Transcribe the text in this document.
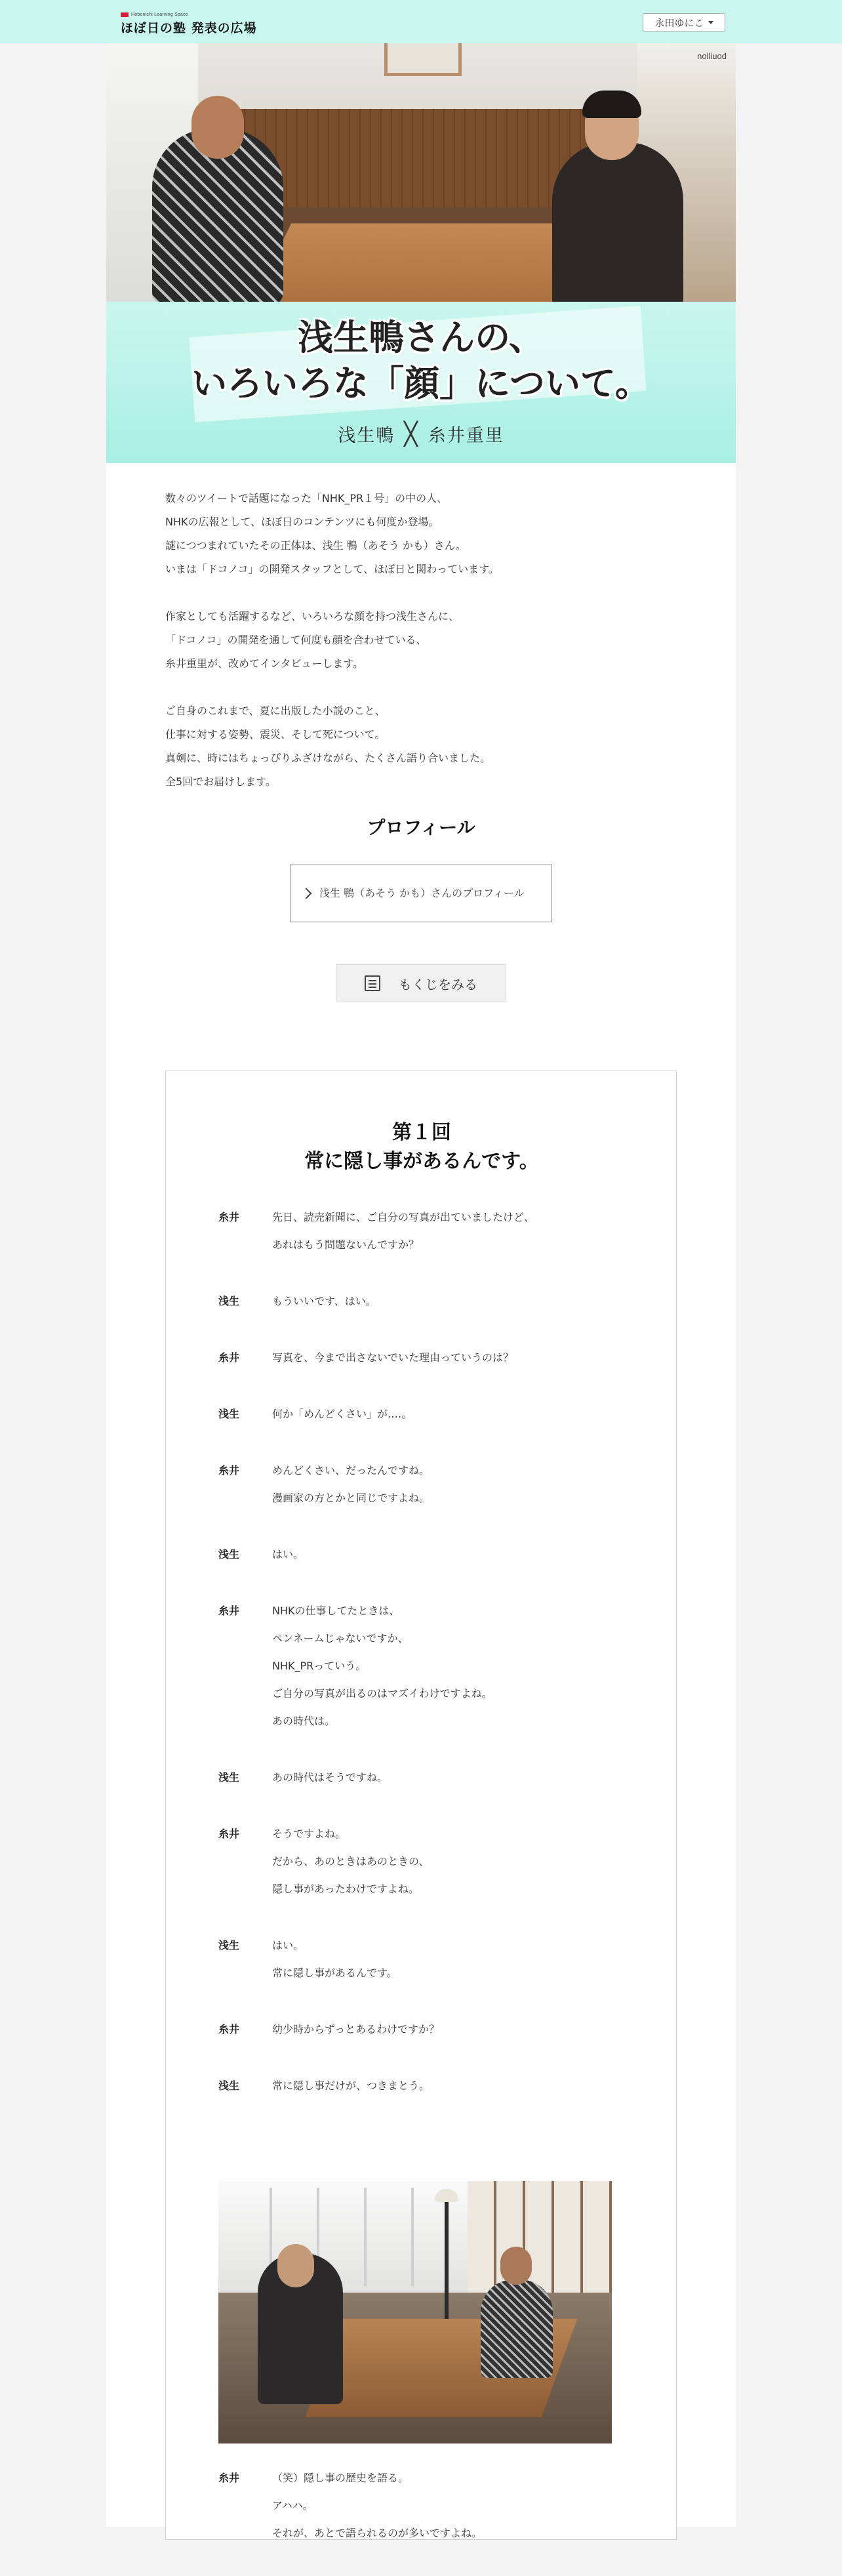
Hobonichi Learning Space
ほぼ日の塾 発表の広場	永田ゆにこ
nolliuod
浅生鴨さんの、
いろいろな「顔」について。
浅生鴨 ╳ 糸井重里

数々のツイートで話題になった「NHK_PR１号」の中の人、
NHKの広報として、ほぼ日のコンテンツにも何度か登場。
謎につつまれていたその正体は、浅生 鴨（あそう かも）さん。
いまは「ドコノコ」の開発スタッフとして、ほぼ日と関わっています。

作家としても活躍するなど、いろいろな顔を持つ浅生さんに、
「ドコノコ」の開発を通して何度も顔を合わせている、
糸井重里が、改めてインタビューします。

ご自身のこれまで、夏に出版した小説のこと、
仕事に対する姿勢、震災、そして死について。
真剣に、時にはちょっぴりふざけながら、たくさん語り合いました。
全5回でお届けします。

プロフィール
浅生 鴨（あそう かも）さんのプロフィール
もくじをみる
第１回
常に隠し事があるんです。
糸井	先日、読売新聞に、ご自分の写真が出ていましたけど、
あれはもう問題ないんですか？
浅生	もういいです、はい。
糸井	写真を、今まで出さないでいた理由っていうのは？
浅生	何か「めんどくさい」が‥‥。
糸井	めんどくさい、だったんですね。
漫画家の方とかと同じですよね。
浅生	はい。
糸井	NHKの仕事してたときは、
ペンネームじゃないですか、
NHK_PRっていう。
ご自分の写真が出るのはマズイわけですよね。
あの時代は。
浅生	あの時代はそうですね。
糸井	そうですよね。
だから、あのときはあのときの、
隠し事があったわけですよね。
浅生	はい。
常に隠し事があるんです。
糸井	幼少時からずっとあるわけですか？
浅生	常に隠し事だけが、つきまとう。
糸井	（笑）隠し事の歴史を語る。
アハハ。
それが、あとで語られるのが多いですよね。
